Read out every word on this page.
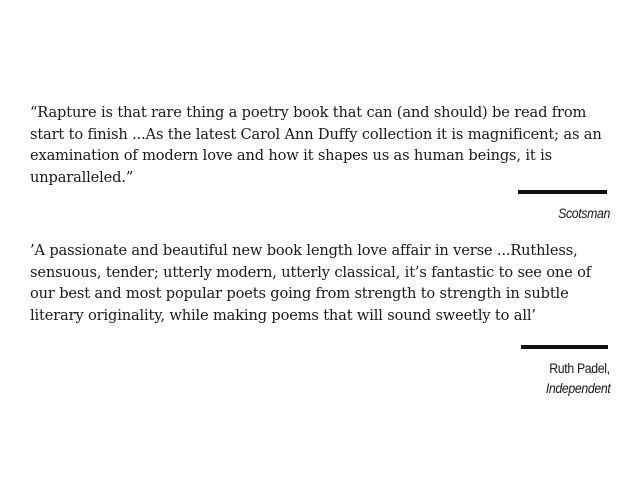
“Rapture is that rare thing a poetry book that can (and should) be read from start to finish ...As the latest Carol Ann Duffy collection it is magnificent; as an examination of modern love and how it shapes us as human beings, it is unparalleled.”

Scotsman

’A passionate and beautiful new book length love affair in verse ...Ruthless, sensuous, tender; utterly modern, utterly classical, it’s fantastic to see one of our best and most popular poets going from strength to strength in subtle literary originality, while making poems that will sound sweetly to all’

Ruth Padel,

Independent
